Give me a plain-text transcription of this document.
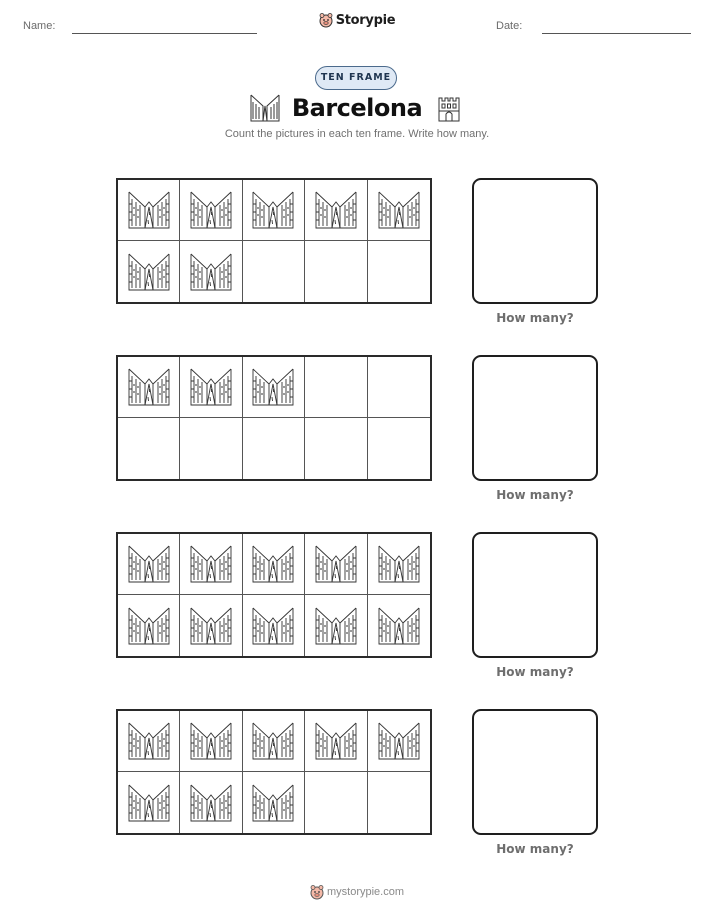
Name:	Storypie	Date:
TEN FRAME
Barcelona
Count the pictures in each ten frame. Write how many.
How many?
How many?
How many?
How many?
mystorypie.com
